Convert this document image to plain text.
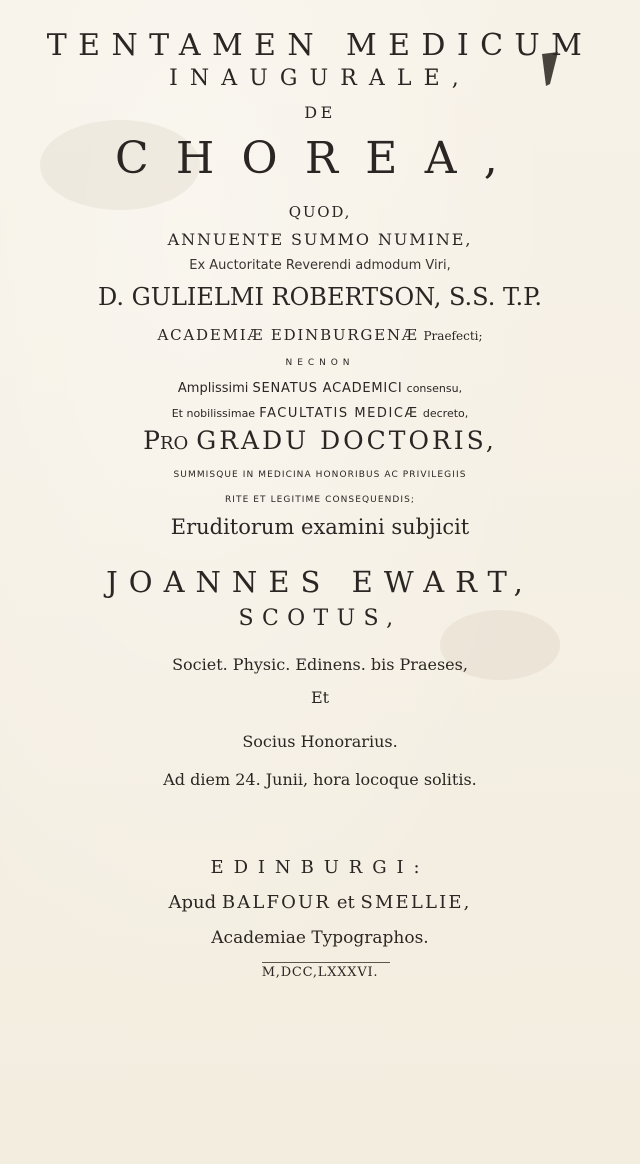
TENTAMEN MEDICUM
INAUGURALE,
DE
CHOREA,
QUOD,
ANNUENTE SUMMO NUMINE,
Ex Auctoritate Reverendi admodum Viri,
D. GULIELMI ROBERTSON, S.S. T.P.
ACADEMIÆ EDINBURGENÆ Praefecti;
NECNON
Amplissimi SENATUS ACADEMICI consensu,
Et nobilissimae FACULTATIS MEDICÆ decreto,
Pro GRADU DOCTORIS,
SUMMISQUE IN MEDICINA HONORIBUS AC PRIVILEGIIS
RITE ET LEGITIME CONSEQUENDIS;
Eruditorum examini subjicit
JOANNES EWART,
SCOTUS,
Societ. Physic. Edinens. bis Praeses,
Et
Socius Honorarius.
Ad diem 24. Junii, hora locoque solitis.
EDINBURGI:
Apud BALFOUR et SMELLIE,
Academiae Typographos.
M,DCC,LXXXVI.
